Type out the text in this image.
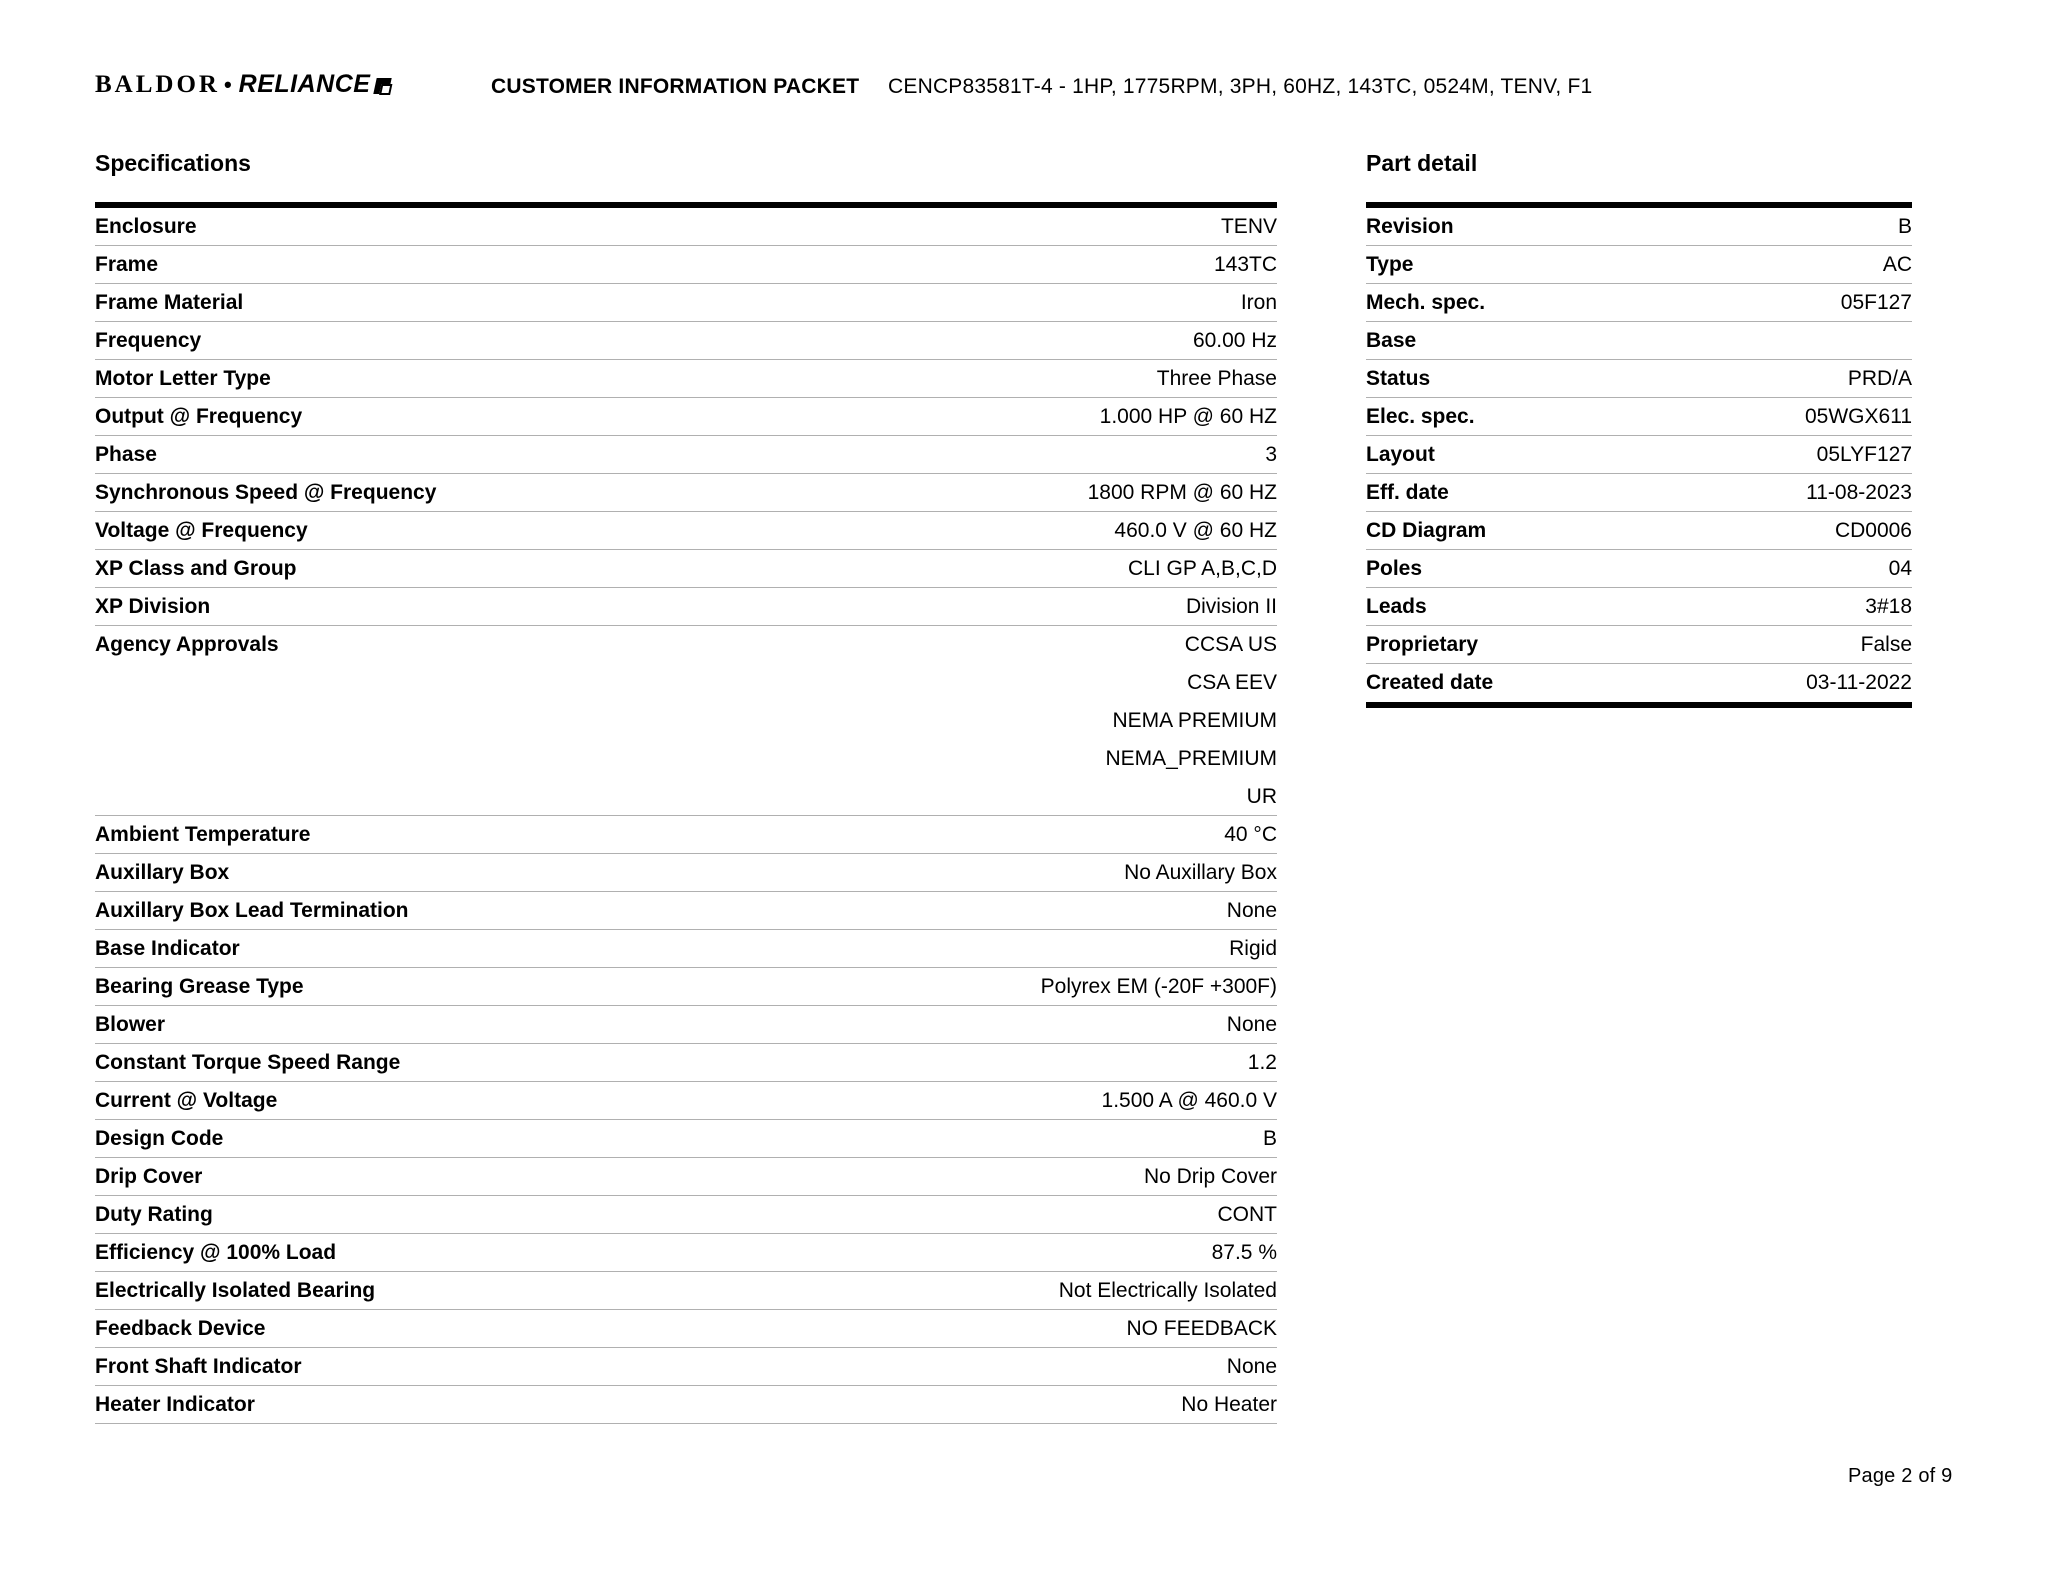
BALDOR • RELIANCE	CUSTOMER INFORMATION PACKET CENCP83581T-4 - 1HP, 1775RPM, 3PH, 60HZ, 143TC, 0524M, TENV, F1
Specifications
Enclosure	TENV
Frame	143TC
Frame Material	Iron
Frequency	60.00 Hz
Motor Letter Type	Three Phase
Output @ Frequency	1.000 HP @ 60 HZ
Phase	3
Synchronous Speed @ Frequency	1800 RPM @ 60 HZ
Voltage @ Frequency	460.0 V @ 60 HZ
XP Class and Group	CLI GP A,B,C,D
XP Division	Division II
Agency Approvals	CCSA US
CSA EEV
NEMA PREMIUM
NEMA_PREMIUM
UR
Ambient Temperature	40 °C
Auxillary Box	No Auxillary Box
Auxillary Box Lead Termination	None
Base Indicator	Rigid
Bearing Grease Type	Polyrex EM (-20F +300F)
Blower	None
Constant Torque Speed Range	1.2
Current @ Voltage	1.500 A @ 460.0 V
Design Code	B
Drip Cover	No Drip Cover
Duty Rating	CONT
Efficiency @ 100% Load	87.5 %
Electrically Isolated Bearing	Not Electrically Isolated
Feedback Device	NO FEEDBACK
Front Shaft Indicator	None
Heater Indicator	No Heater
Part detail
Revision	B
Type	AC
Mech. spec.	05F127
Base
Status	PRD/A
Elec. spec.	05WGX611
Layout	05LYF127
Eff. date	11-08-2023
CD Diagram	CD0006
Poles	04
Leads	3#18
Proprietary	False
Created date	03-11-2022
Page 2 of 9
